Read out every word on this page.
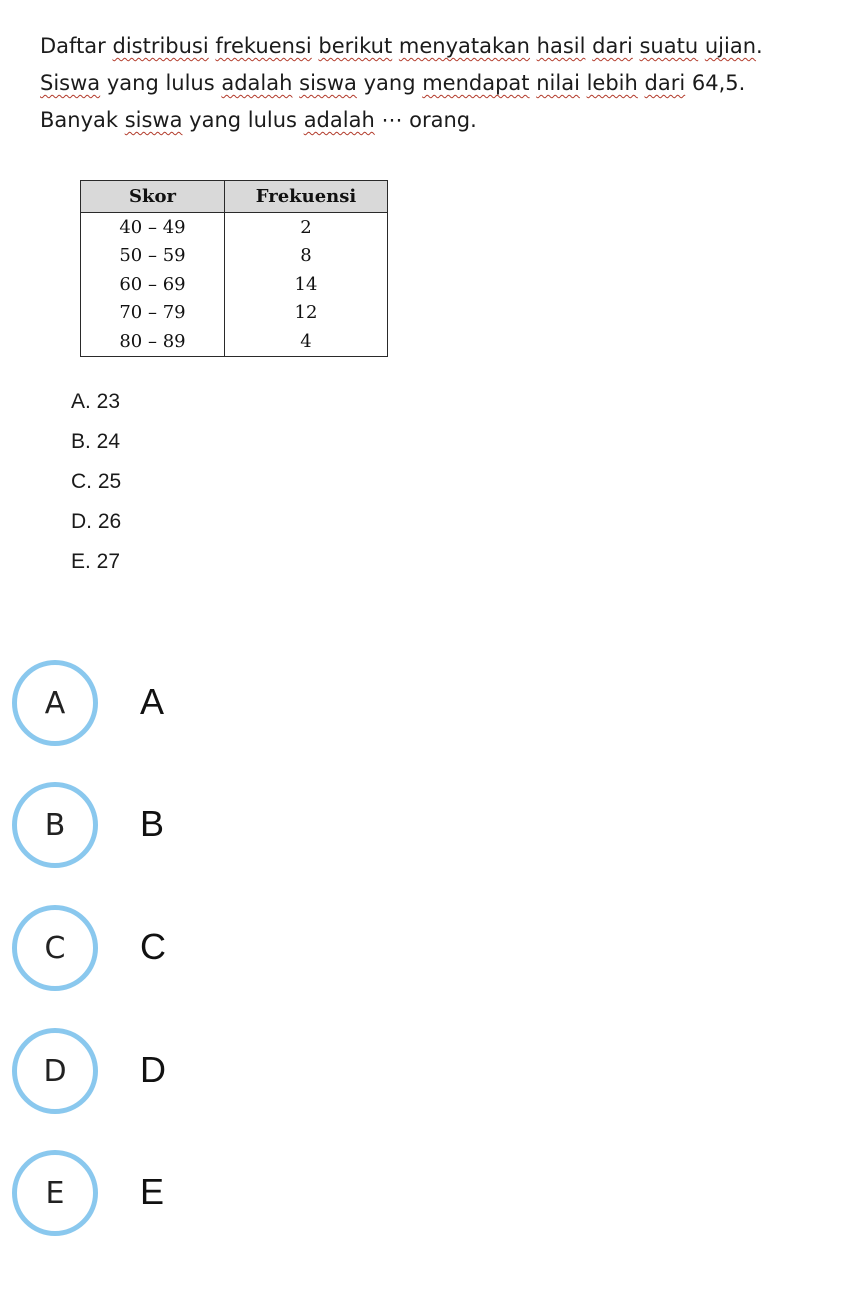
Daftar distribusi frekuensi berikut menyatakan hasil dari suatu ujian.

Siswa yang lulus adalah siswa yang mendapat nilai lebih dari 64,5.

Banyak siswa yang lulus adalah ⋯ orang.

Skor	Frekuensi
40 – 49	2
50 – 59	8
60 – 69	14
70 – 79	12
80 – 89	4
A. 23
B. 24
C. 25
D. 26
E. 27
A	A
B	B
C	C
D	D
E	E
